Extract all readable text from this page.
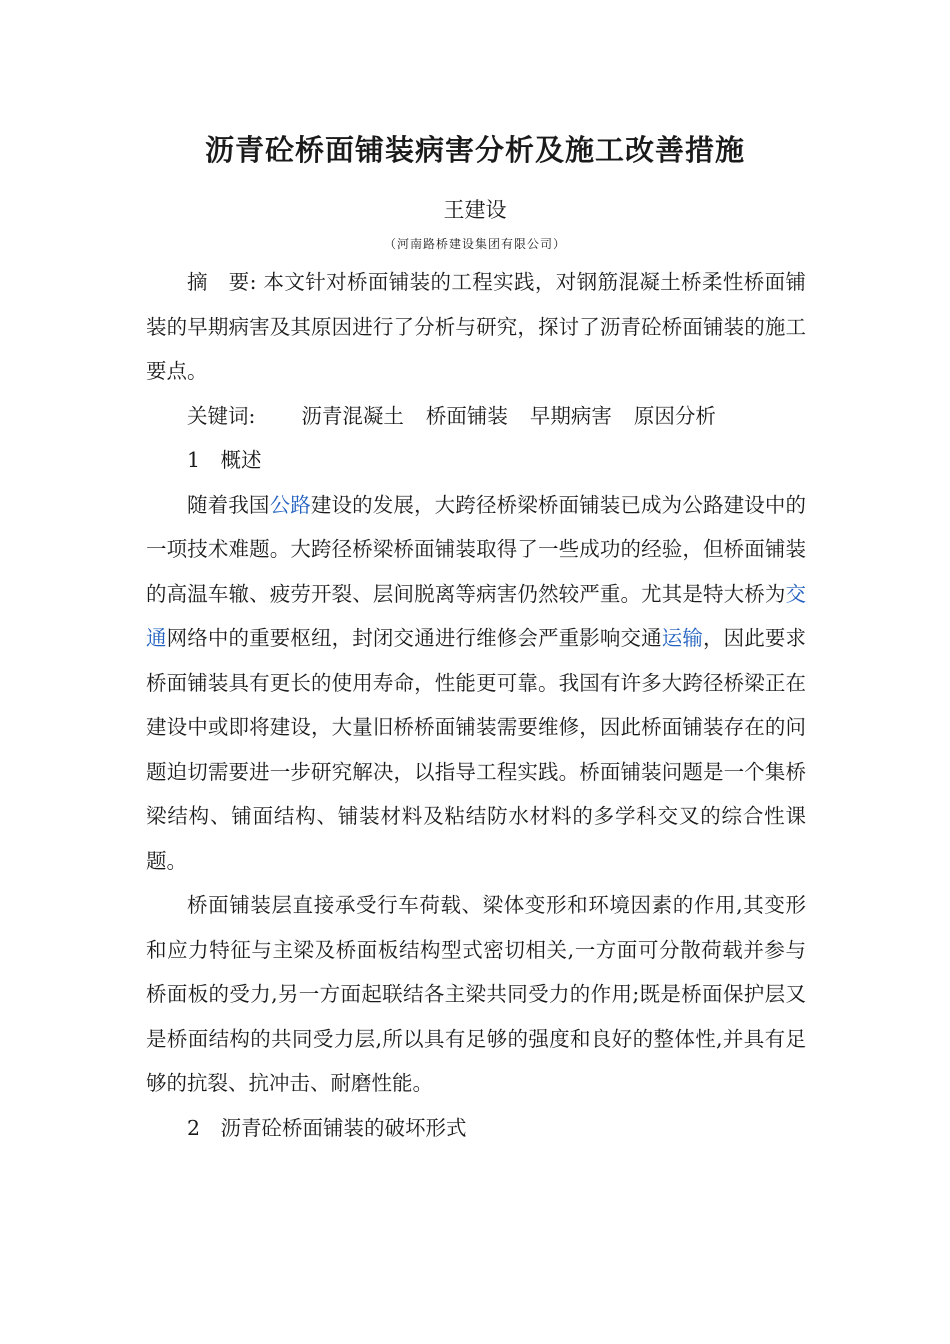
沥青砼桥面铺装病害分析及施工改善措施
王建设
（河南路桥建设集团有限公司）

摘　要: 本文针对桥面铺装的工程实践，对钢筋混凝土桥柔性桥面铺装的早期病害及其原因进行了分析与研究，探讨了沥青砼桥面铺装的施工要点。

关键词: 沥青混凝土 桥面铺装 早期病害 原因分析

1　 概述

随着我国公路建设的发展，大跨径桥梁桥面铺装已成为公路建设中的一项技术难题。大跨径桥梁桥面铺装取得了一些成功的经验，但桥面铺装的高温车辙、疲劳开裂、层间脱离等病害仍然较严重。尤其是特大桥为交通网络中的重要枢纽，封闭交通进行维修会严重影响交通运输，因此要求桥面铺装具有更长的使用寿命，性能更可靠。我国有许多大跨径桥梁正在建设中或即将建设，大量旧桥桥面铺装需要维修，因此桥面铺装存在的问题迫切需要进一步研究解决，以指导工程实践。桥面铺装问题是一个集桥梁结构、铺面结构、铺装材料及粘结防水材料的多学科交叉的综合性课题。

桥面铺装层直接承受行车荷载、梁体变形和环境因素的作用,其变形和应力特征与主梁及桥面板结构型式密切相关,一方面可分散荷载并参与桥面板的受力,另一方面起联结各主梁共同受力的作用;既是桥面保护层又是桥面结构的共同受力层,所以具有足够的强度和良好的整体性,并具有足够的抗裂、抗冲击、耐磨性能。

2　 沥青砼桥面铺装的破坏形式
